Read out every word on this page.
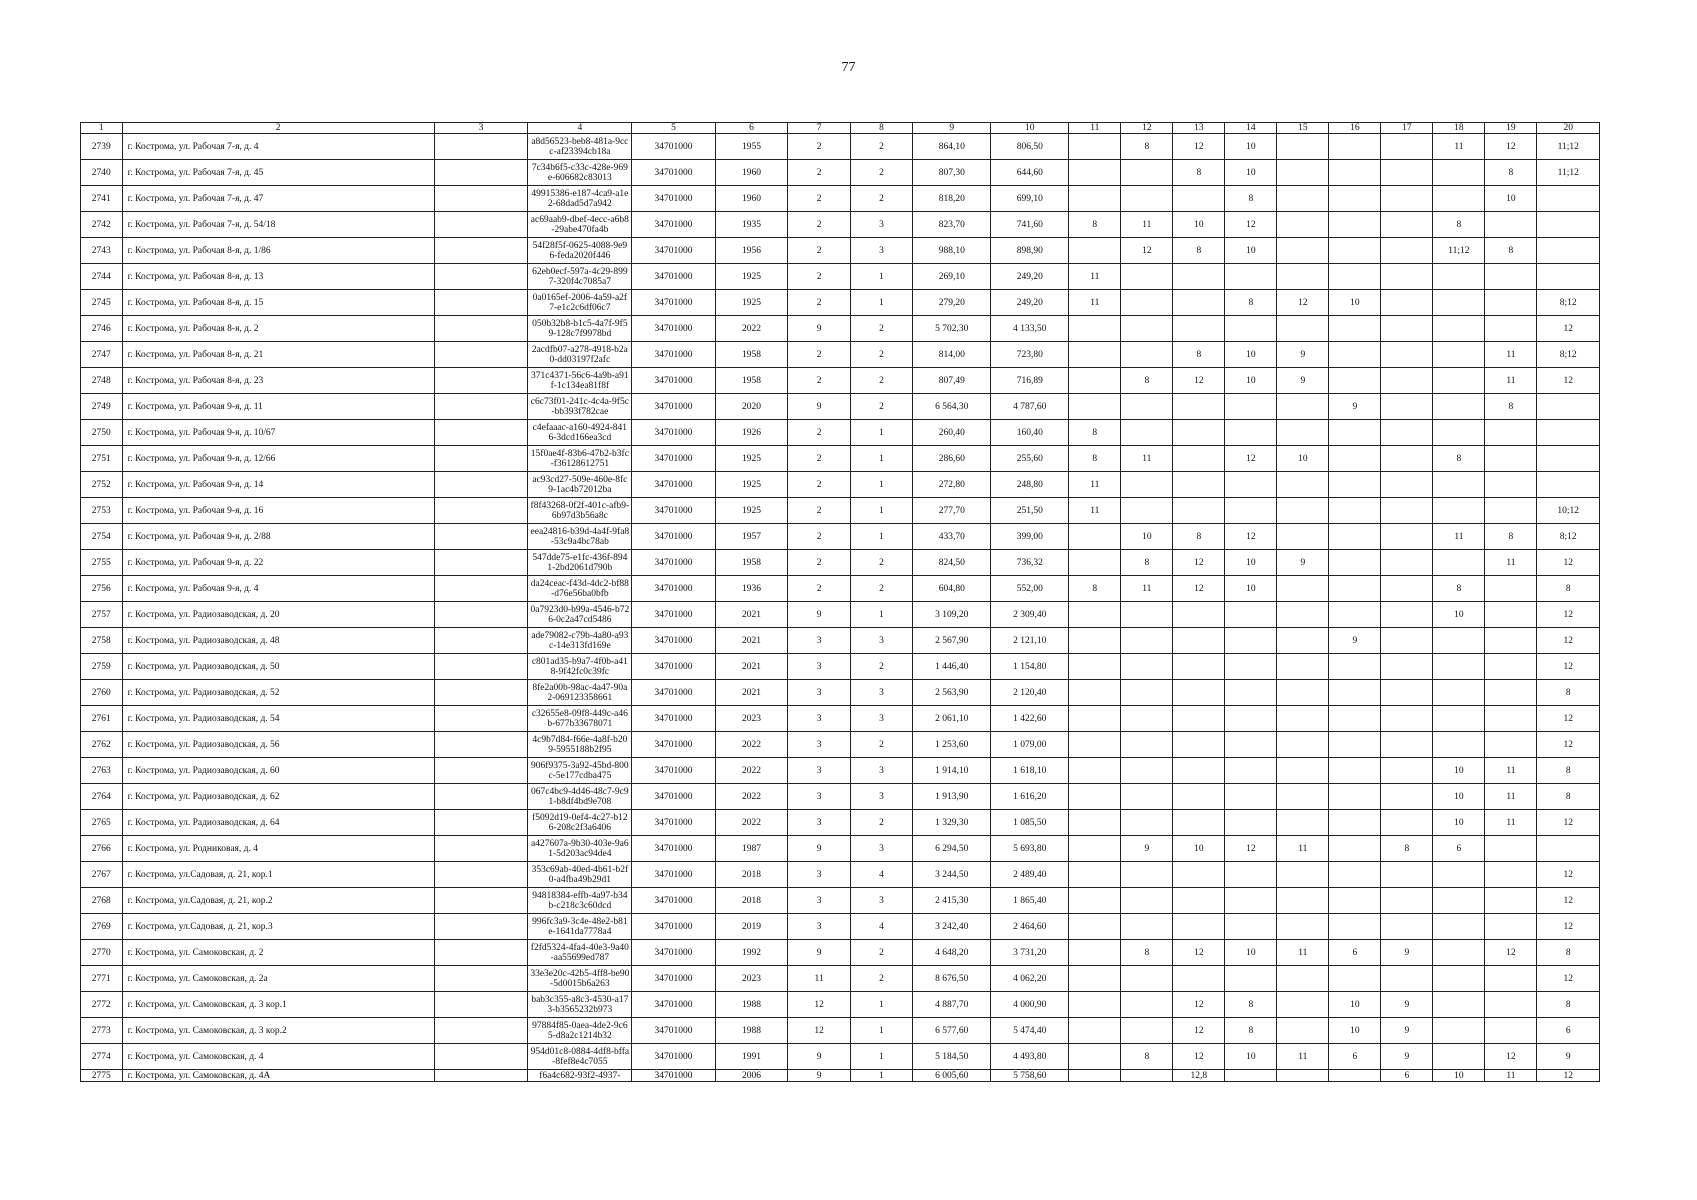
77
1	2	3	4	5	6	7	8	9	10	11	12	13	14	15	16	17	18	19	20
2739	г. Кострома, ул. Рабочая 7-я, д. 4		a8d56523-beb8-481a-9ccc-af23394cb18a	34701000	1955	2	2	864,10	806,50		8	12	10				11	12	11;12
2740	г. Кострома, ул. Рабочая 7-я, д. 45		7c34b6f5-c33c-428e-969e-606682c83013	34701000	1960	2	2	807,30	644,60			8	10					8	11;12
2741	г. Кострома, ул. Рабочая 7-я, д. 47		49915386-e187-4ca9-a1e2-68dad5d7a942	34701000	1960	2	2	818,20	699,10				8					10	
2742	г. Кострома, ул. Рабочая 7-я, д. 54/18		ac69aab9-dbef-4ecc-a6b8-29abe470fa4b	34701000	1935	2	3	823,70	741,60	8	11	10	12				8		
2743	г. Кострома, ул. Рабочая 8-я, д. 1/86		54f28f5f-0625-4088-9e96-feda2020f446	34701000	1956	2	3	988,10	898,90		12	8	10				11;12	8	
2744	г. Кострома, ул. Рабочая 8-я, д. 13		62eb0ecf-597a-4c29-8997-320f4c7085a7	34701000	1925	2	1	269,10	249,20	11									
2745	г. Кострома, ул. Рабочая 8-я, д. 15		0a0165ef-2006-4a59-a2f7-e1c2c6df06c7	34701000	1925	2	1	279,20	249,20	11			8	12	10				8;12
2746	г. Кострома, ул. Рабочая 8-я, д. 2		050b32b8-b1c5-4a7f-9f59-128c7f9978bd	34701000	2022	9	2	5 702,30	4 133,50										12
2747	г. Кострома, ул. Рабочая 8-я, д. 21		2acdfb07-a278-4918-b2a0-dd03197f2afc	34701000	1958	2	2	814,00	723,80			8	10	9				11	8;12
2748	г. Кострома, ул. Рабочая 8-я, д. 23		371c4371-56c6-4a9b-a91f-1c134ea81f8f	34701000	1958	2	2	807,49	716,89		8	12	10	9				11	12
2749	г. Кострома, ул. Рабочая 9-я, д. 11		c6c73f01-241c-4c4a-9f5c-bb393f782cae	34701000	2020	9	2	6 564,30	4 787,60						9			8	
2750	г. Кострома, ул. Рабочая 9-я, д. 10/67		c4efaaac-a160-4924-8416-3dcd166ea3cd	34701000	1926	2	1	260,40	160,40	8									
2751	г. Кострома, ул. Рабочая 9-я, д. 12/66		15f0ae4f-83b6-47b2-b3fc-f36128612751	34701000	1925	2	1	286,60	255,60	8	11		12	10			8		
2752	г. Кострома, ул. Рабочая 9-я, д. 14		ac93cd27-509e-460e-8fc9-1ac4b72012ba	34701000	1925	2	1	272,80	248,80	11									
2753	г. Кострома, ул. Рабочая 9-я, д. 16		f8f43268-0f2f-401c-afb9-6b97d3b56a8c	34701000	1925	2	1	277,70	251,50	11									10;12
2754	г. Кострома, ул. Рабочая 9-я, д. 2/88		eea24816-b39d-4a4f-9fa8-53c9a4bc78ab	34701000	1957	2	1	433,70	399,00		10	8	12				11	8	8;12
2755	г. Кострома, ул. Рабочая 9-я, д. 22		547dde75-e1fc-436f-8941-2bd2061d790b	34701000	1958	2	2	824,50	736,32		8	12	10	9				11	12
2756	г. Кострома, ул. Рабочая 9-я, д. 4		da24ceac-f43d-4dc2-bf88-d76e56ba0bfb	34701000	1936	2	2	604,80	552,00	8	11	12	10				8		8
2757	г. Кострома, ул. Радиозаводская, д. 20		0a7923d0-b99a-4546-b726-0c2a47cd5486	34701000	2021	9	1	3 109,20	2 309,40								10		12
2758	г. Кострома, ул. Радиозаводская, д. 48		ade79082-c79b-4a80-a93c-14e313fd169e	34701000	2021	3	3	2 567,90	2 121,10						9				12
2759	г. Кострома, ул. Радиозаводская, д. 50		c801ad35-b9a7-4f0b-a418-9f42fc0c39fc	34701000	2021	3	2	1 446,40	1 154,80										12
2760	г. Кострома, ул. Радиозаводская, д. 52		8fe2a00b-98ac-4a47-90a2-069123358661	34701000	2021	3	3	2 563,90	2 120,40										8
2761	г. Кострома, ул. Радиозаводская, д. 54		c32655e8-09f8-449c-a46b-677b33678071	34701000	2023	3	3	2 061,10	1 422,60										12
2762	г. Кострома, ул. Радиозаводская, д. 56		4c9b7d84-f66e-4a8f-b209-5955188b2f95	34701000	2022	3	2	1 253,60	1 079,00										12
2763	г. Кострома, ул. Радиозаводская, д. 60		906f9375-3a92-45bd-800c-5e177cdba475	34701000	2022	3	3	1 914,10	1 618,10								10	11	8
2764	г. Кострома, ул. Радиозаводская, д. 62		067c4bc9-4d46-48c7-9c91-b8df4bd9e708	34701000	2022	3	3	1 913,90	1 616,20								10	11	8
2765	г. Кострома, ул. Радиозаводская, д. 64		f5092d19-0ef4-4c27-b126-208c2f3a6406	34701000	2022	3	2	1 329,30	1 085,50								10	11	12
2766	г. Кострома, ул. Родниковая, д. 4		a427607a-9b30-403e-9a61-5d203ac94de4	34701000	1987	9	3	6 294,50	5 693,80		9	10	12	11		8	6		
2767	г. Кострома, ул.Садовая, д. 21, кор.1		353c69ab-40ed-4b61-b2f0-a4fba49b29d1	34701000	2018	3	4	3 244,50	2 489,40										12
2768	г. Кострома, ул.Садовая, д. 21, кор.2		94818384-effb-4a97-b34b-c218c3c60dcd	34701000	2018	3	3	2 415,30	1 865,40										12
2769	г. Кострома, ул.Садовая, д. 21, кор.3		996fc3a9-3c4e-48e2-b81e-1641da7778a4	34701000	2019	3	4	3 242,40	2 464,60										12
2770	г. Кострома, ул. Самоковская, д. 2		f2fd5324-4fa4-40e3-9a40-aa55699ed787	34701000	1992	9	2	4 648,20	3 731,20		8	12	10	11	6	9		12	8
2771	г. Кострома, ул. Самоковская, д. 2а		33e3e20c-42b5-4ff8-be90-5d0015b6a263	34701000	2023	11	2	8 676,50	4 062,20										12
2772	г. Кострома, ул. Самоковская, д. 3 кор.1		bab3c355-a8c3-4530-a173-b3565232b973	34701000	1988	12	1	4 887,70	4 000,90			12	8		10	9			8
2773	г. Кострома, ул. Самоковская, д. 3 кор.2		97884f85-0aea-4de2-9c65-d8a2c1214b32	34701000	1988	12	1	6 577,60	5 474,40			12	8		10	9			6
2774	г. Кострома, ул. Самоковская, д. 4		954d01c8-0884-4df8-bffa-8fef8e4c7055	34701000	1991	9	1	5 184,50	4 493,80		8	12	10	11	6	9		12	9
2775	г. Кострома, ул. Самоковская, д. 4А		f6a4c682-93f2-4937-	34701000	2006	9	1	6 005,60	5 758,60			12,8				6	10	11	12
